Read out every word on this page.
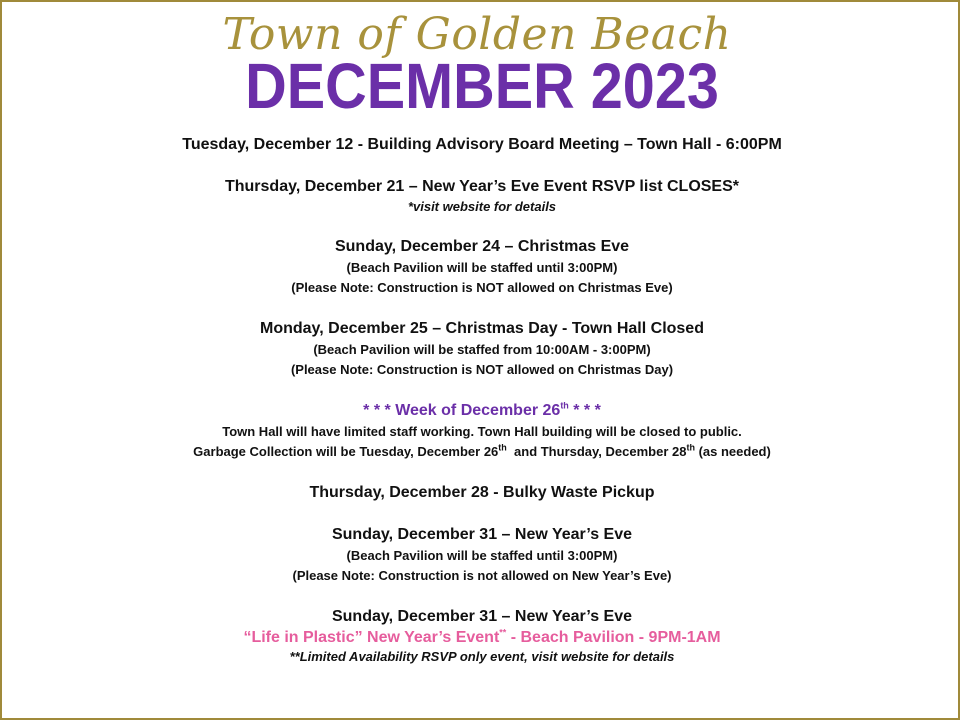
Town of Golden Beach
DECEMBER 2023
Tuesday, December 12 - Building Advisory Board Meeting – Town Hall - 6:00PM
Thursday, December 21 – New Year’s Eve Event RSVP list CLOSES*
*visit website for details
Sunday, December 24 – Christmas Eve
(Beach Pavilion will be staffed until 3:00PM)
(Please Note: Construction is NOT allowed on Christmas Eve)
Monday, December 25 – Christmas Day - Town Hall Closed
(Beach Pavilion will be staffed from 10:00AM - 3:00PM)
(Please Note: Construction is NOT allowed on Christmas Day)
* * * Week of December 26th * * *
Town Hall will have limited staff working. Town Hall building will be closed to public.
Garbage Collection will be Tuesday, December 26th  and Thursday, December 28th (as needed)
Thursday, December 28 - Bulky Waste Pickup
Sunday, December 31 – New Year’s Eve
(Beach Pavilion will be staffed until 3:00PM)
(Please Note: Construction is not allowed on New Year’s Eve)
Sunday, December 31 – New Year’s Eve
“Life in Plastic” New Year’s Event** - Beach Pavilion - 9PM-1AM
**Limited Availability RSVP only event, visit website for details
